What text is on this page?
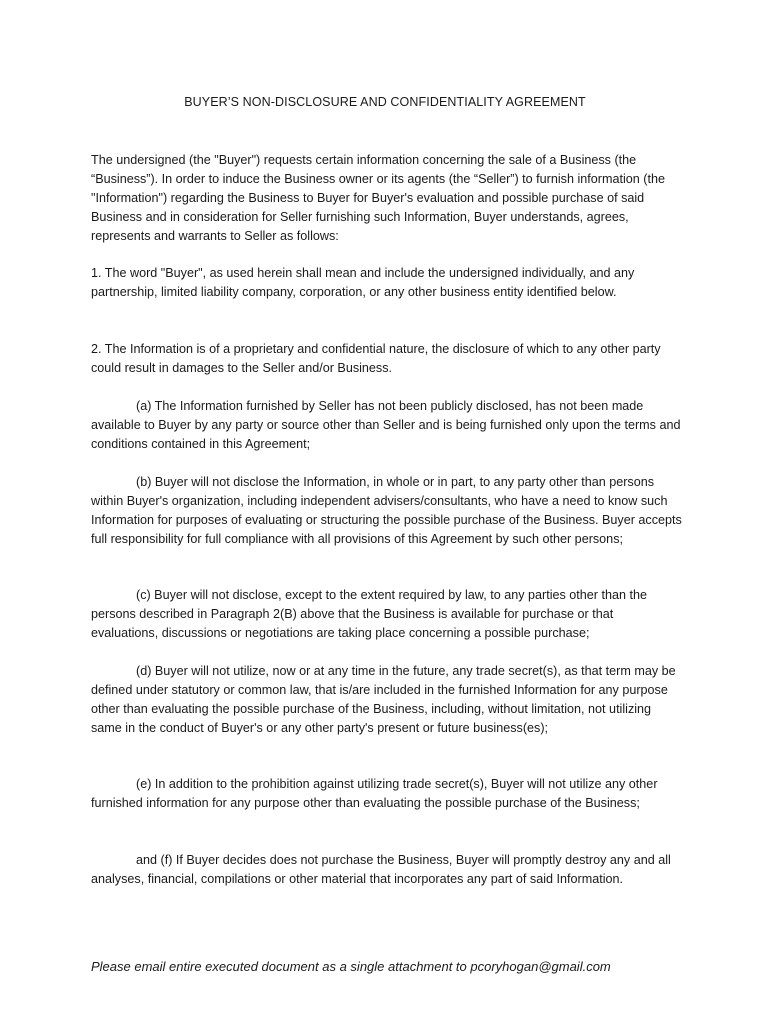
BUYER’S NON-DISCLOSURE AND CONFIDENTIALITY AGREEMENT

The undersigned (the "Buyer") requests certain information concerning the sale of a Business (the “Business”). In order to induce the Business owner or its agents (the “Seller”) to furnish information (the "Information") regarding the Business to Buyer for Buyer's evaluation and possible purchase of said Business and in consideration for Seller furnishing such Information, Buyer understands, agrees, represents and warrants to Seller as follows:

1. The word "Buyer", as used herein shall mean and include the undersigned individually, and any partnership, limited liability company, corporation, or any other business entity identified below.

2. The Information is of a proprietary and confidential nature, the disclosure of which to any other party could result in damages to the Seller and/or Business.

(a) The Information furnished by Seller has not been publicly disclosed, has not been made available to Buyer by any party or source other than Seller and is being furnished only upon the terms and conditions contained in this Agreement;

(b) Buyer will not disclose the Information, in whole or in part, to any party other than persons within Buyer's organization, including independent advisers/consultants, who have a need to know such Information for purposes of evaluating or structuring the possible purchase of the Business. Buyer accepts full responsibility for full compliance with all provisions of this Agreement by such other persons;

(c) Buyer will not disclose, except to the extent required by law, to any parties other than the persons described in Paragraph 2(B) above that the Business is available for purchase or that evaluations, discussions or negotiations are taking place concerning a possible purchase;

(d) Buyer will not utilize, now or at any time in the future, any trade secret(s), as that term may be defined under statutory or common law, that is/are included in the furnished Information for any purpose other than evaluating the possible purchase of the Business, including, without limitation, not utilizing same in the conduct of Buyer's or any other party's present or future business(es);

(e) In addition to the prohibition against utilizing trade secret(s), Buyer will not utilize any other furnished information for any purpose other than evaluating the possible purchase of the Business;

and (f) If Buyer decides does not purchase the Business, Buyer will promptly destroy any and all analyses, financial, compilations or other material that incorporates any part of said Information.

Please email entire executed document as a single attachment to pcoryhogan@gmail.com
